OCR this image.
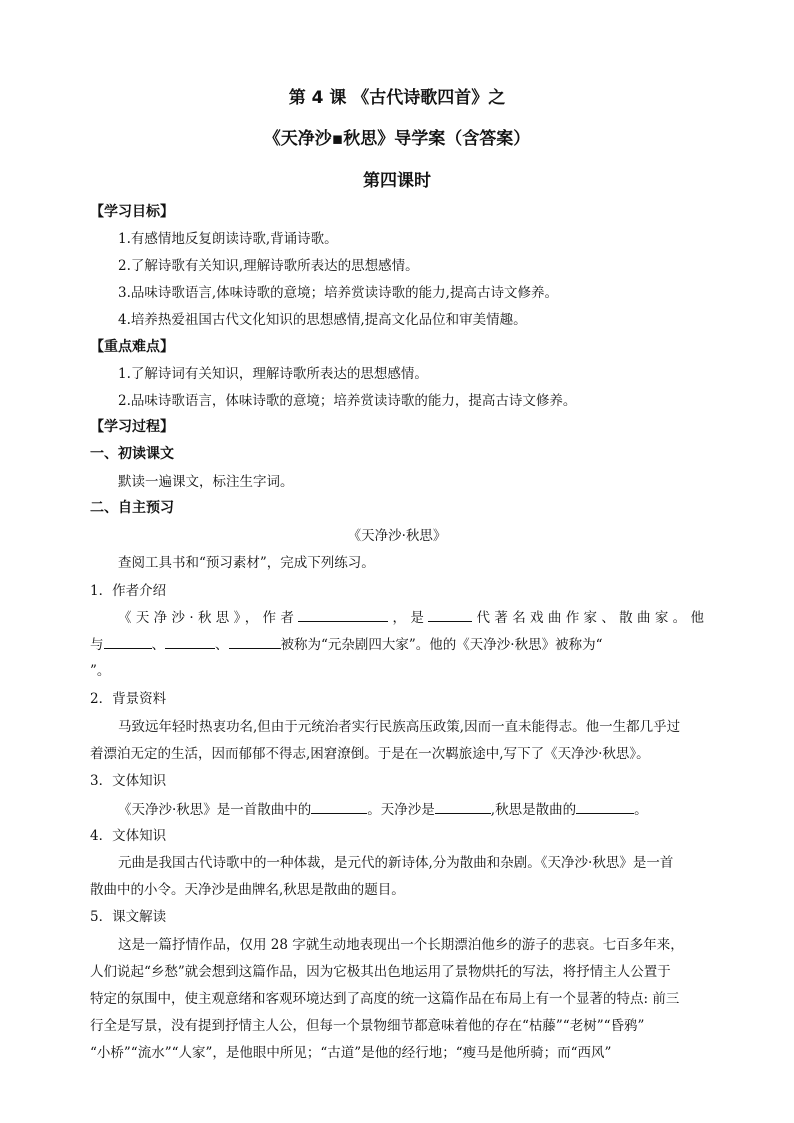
第 4 课 《古代诗歌四首》之
《天净沙▪秋思》导学案（含答案）
第四课时
【学习目标】
1.有感情地反复朗读诗歌,背诵诗歌。
2.了解诗歌有关知识,理解诗歌所表达的思想感情。
3.品味诗歌语言,体味诗歌的意境；培养赏读诗歌的能力,提高古诗文修养。
4.培养热爱祖国古代文化知识的思想感情,提高文化品位和审美情趣。
【重点难点】
1.了解诗词有关知识，理解诗歌所表达的思想感情。
2.品味诗歌语言，体味诗歌的意境；培养赏读诗歌的能力，提高古诗文修养。
【学习过程】
一、初读课文
默读一遍课文，标注生字词。
二、自主预习
《天净沙·秋思》
查阅工具书和“预习素材”，完成下列练习。
1．作者介绍
《天净沙·秋思》，作者	，是	代著名戏曲作家、散曲家。他
与	、	、	被称为“元杂剧四大家”。他的《天净沙·秋思》被称为“
”。
2．背景资料
马致远年轻时热衷功名,但由于元统治者实行民族高压政策,因而一直未能得志。他一生都几乎过
着漂泊无定的生活，因而郁郁不得志,困窘潦倒。于是在一次羁旅途中,写下了《天净沙·秋思》。
3．文体知识
《天净沙·秋思》是一首散曲中的	。天净沙是	,秋思是散曲的	。
4．文体知识
元曲是我国古代诗歌中的一种体裁，是元代的新诗体,分为散曲和杂剧。《天净沙·秋思》是一首
散曲中的小令。天净沙是曲牌名,秋思是散曲的题目。
5．课文解读
这是一篇抒情作品，仅用 28 字就生动地表现出一个长期漂泊他乡的游子的悲哀。七百多年来，
人们说起“乡愁”就会想到这篇作品，因为它极其出色地运用了景物烘托的写法，将抒情主人公置于
特定的氛围中，使主观意绪和客观环境达到了高度的统一这篇作品在布局上有一个显著的特点: 前三
行全是写景，没有提到抒情主人公，但每一个景物细节都意味着他的存在“枯藤”“老树”“昏鸦”
“小桥”“流水”“人家”，是他眼中所见；“古道”是他的经行地；“瘦马是他所骑；而“西风”
